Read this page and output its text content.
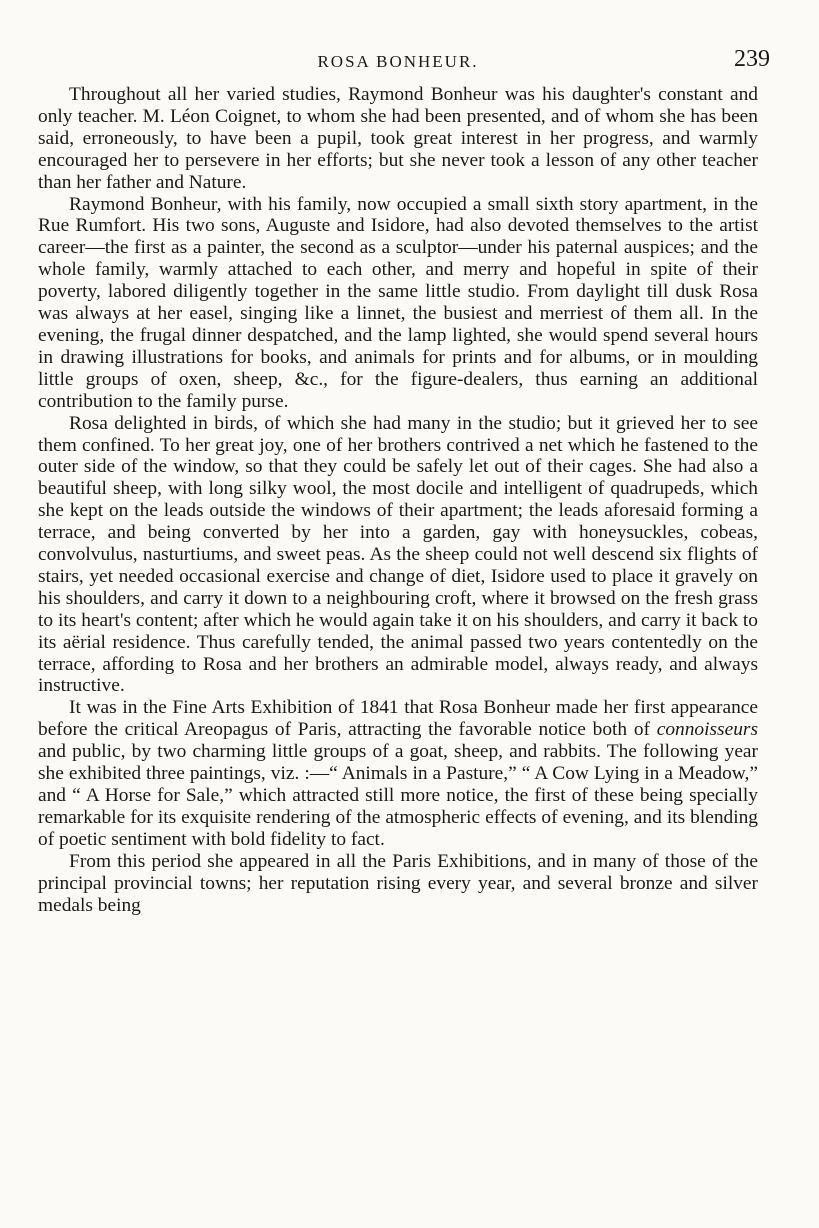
ROSA BONHEUR.	239

Throughout all her varied studies, Raymond Bonheur was his daughter's constant and only teacher. M. Léon Coignet, to whom she had been presented, and of whom she has been said, erroneously, to have been a pupil, took great interest in her progress, and warmly encouraged her to persevere in her efforts; but she never took a lesson of any other teacher than her father and Nature.

Raymond Bonheur, with his family, now occupied a small sixth story apartment, in the Rue Rumfort. His two sons, Auguste and Isidore, had also devoted themselves to the artist career—the first as a painter, the second as a sculptor—under his paternal auspices; and the whole family, warmly attached to each other, and merry and hopeful in spite of their poverty, labored diligently together in the same little studio. From daylight till dusk Rosa was always at her easel, singing like a linnet, the busiest and merriest of them all. In the evening, the frugal dinner despatched, and the lamp lighted, she would spend several hours in drawing illustrations for books, and animals for prints and for albums, or in moulding little groups of oxen, sheep, &c., for the figure-dealers, thus earning an additional contribution to the family purse.

Rosa delighted in birds, of which she had many in the studio; but it grieved her to see them confined. To her great joy, one of her brothers contrived a net which he fastened to the outer side of the window, so that they could be safely let out of their cages. She had also a beautiful sheep, with long silky wool, the most docile and intelligent of quadrupeds, which she kept on the leads outside the windows of their apartment; the leads aforesaid forming a terrace, and being converted by her into a garden, gay with honeysuckles, cobeas, convolvulus, nasturtiums, and sweet peas. As the sheep could not well descend six flights of stairs, yet needed occasional exercise and change of diet, Isidore used to place it gravely on his shoulders, and carry it down to a neighbouring croft, where it browsed on the fresh grass to its heart's content; after which he would again take it on his shoulders, and carry it back to its aërial residence. Thus carefully tended, the animal passed two years contentedly on the terrace, affording to Rosa and her brothers an admirable model, always ready, and always instructive.

It was in the Fine Arts Exhibition of 1841 that Rosa Bonheur made her first appearance before the critical Areopagus of Paris, attracting the favorable notice both of connoisseurs and public, by two charming little groups of a goat, sheep, and rabbits. The following year she exhibited three paintings, viz. :—“ Animals in a Pasture,” “ A Cow Lying in a Meadow,” and “ A Horse for Sale,” which attracted still more notice, the first of these being specially remarkable for its exquisite rendering of the atmospheric effects of evening, and its blending of poetic sentiment with bold fidelity to fact.

From this period she appeared in all the Paris Exhibitions, and in many of those of the principal provincial towns; her reputation rising every year, and several bronze and silver medals being
